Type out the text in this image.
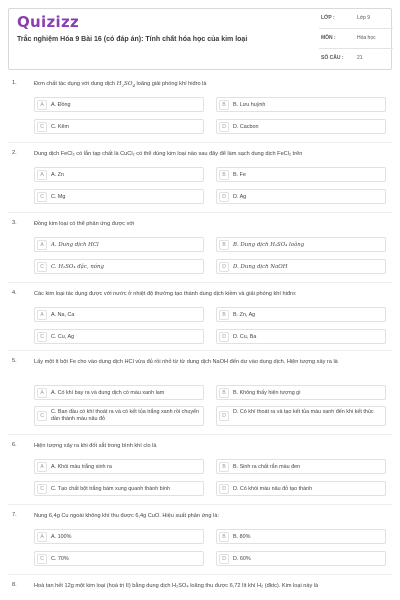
Quizizz
Trắc nghiệm Hóa 9 Bài 16 (có đáp án): Tính chất hóa học của kim loại
LỚP :	Lớp 9
MÔN :	Hóa học
SỐ CÂU :	21
1.	Đơn chất tác dụng với dung dịch $H_2SO_4$ loãng giải phóng khí hiđro là
A	A. Đồng	B	B. Lưu huỳnh
C	C. Kẽm	D	D. Cacbon
2.	Dung dịch FeCl₂ có lẫn tạp chất là CuCl₂ có thể dùng kim loại nào sau đây để làm sạch dung dịch FeCl₂ trên
A	A. Zn	B	B. Fe
C	C. Mg	D	D. Ag
3.	Đồng kim loại có thể phản ứng được với
A	A. Dung dịch HCl	B	B. Dung dịch H₂SO₄ loãng
C	C. H₂SO₄ đặc, nóng	D	D. Dung dịch NaOH
4.	Các kim loại tác dụng được với nước ở nhiệt độ thường tạo thành dung dịch kiềm và giải phóng khí hiđro:
A	A. Na, Ca	B	B. Zn, Ag
C	C. Cu, Ag	D	D. Cu, Ba
5.	Lấy một ít bột Fe cho vào dung dịch HCl vừa đủ rồi nhỏ từ từ dung dịch NaOH đến dư vào dung dịch. Hiện tượng xảy ra là
A	A. Có khí bay ra và dung dịch có màu xanh lam	B	B. Không thấy hiện tượng gì
C
C. Ban đầu có khí thoát ra và có kết tủa trắng xanh rồi chuyển dần thành màu nâu đỏ	D
D. Có khí thoát ra và tạo kết tủa màu xanh đến khi kết thúc
6.	Hiện tượng xảy ra khi đốt sắt trong bình khí clo là
A	A. Khói màu trắng sinh ra	B	B. Sinh ra chất rắn màu đen
C	C. Tạo chất bột trắng bám xung quanh thành bình	D	D. Có khói màu nâu đỏ tạo thành
7.	Nung 6,4g Cu ngoài không khí thu được 6,4g CuO. Hiệu suất phản ứng là:
A	A. 100%	B	B. 80%
C	C. 70%	D	D. 60%
8.	Hoà tan hết 12g một kim loại (hoá trị II) bằng dung dịch H₂SO₄ loãng thu được 6,72 lít khí H₂ (đktc). Kim loại này là
